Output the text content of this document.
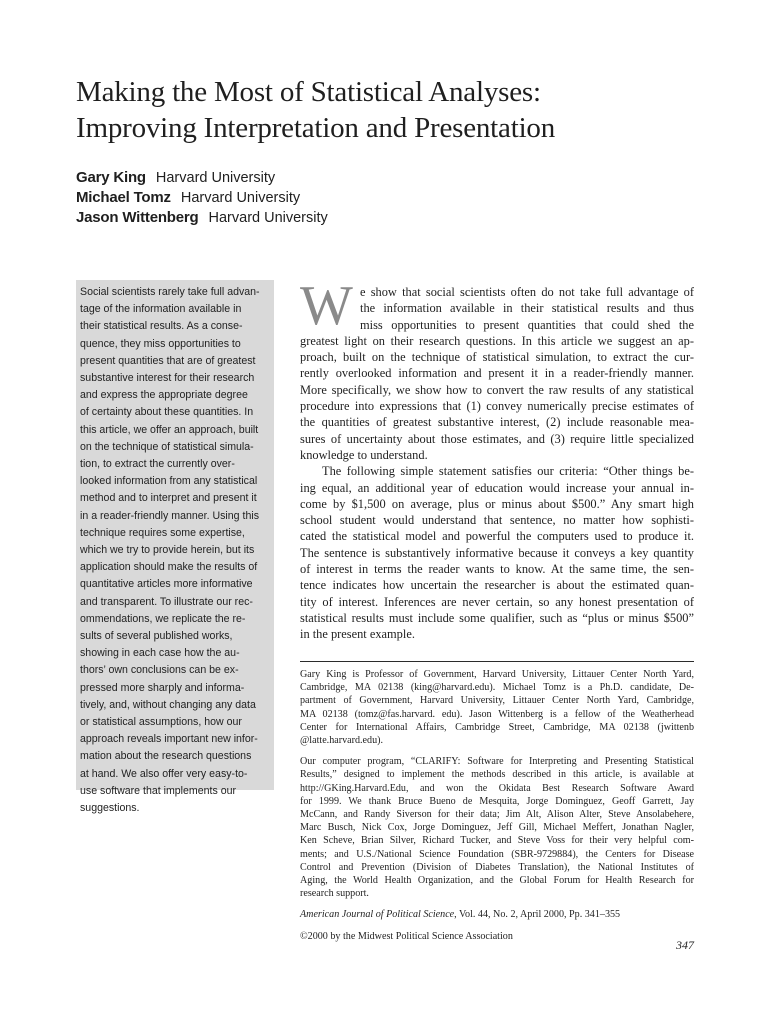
Making the Most of Statistical Analyses:
Improving Interpretation and Presentation
Gary King Harvard University
Michael Tomz Harvard University
Jason Wittenberg Harvard University

Social scientists rarely take full advan-
tage of the information available in
their statistical results. As a conse-
quence, they miss opportunities to
present quantities that are of greatest
substantive interest for their research
and express the appropriate degree
of certainty about these quantities. In
this article, we offer an approach, built
on the technique of statistical simula-
tion, to extract the currently over-
looked information from any statistical
method and to interpret and present it
in a reader-friendly manner. Using this
technique requires some expertise,
which we try to provide herein, but its
application should make the results of
quantitative articles more informative
and transparent. To illustrate our rec-
ommendations, we replicate the re-
sults of several published works,
showing in each case how the au-
thors’ own conclusions can be ex-
pressed more sharply and informa-
tively, and, without changing any data
or statistical assumptions, how our
approach reveals important new infor-
mation about the research questions
at hand. We also offer very easy-to-
use software that implements our
suggestions.

W e show that social scientists often do not take full advantage of
the information available in their statistical results and thus
miss opportunities to present quantities that could shed the
greatest light on their research questions. In this article we suggest an ap-
proach, built on the technique of statistical simulation, to extract the cur-
rently overlooked information and present it in a reader-friendly manner.
More specifically, we show how to convert the raw results of any statistical
procedure into expressions that (1) convey numerically precise estimates of
the quantities of greatest substantive interest, (2) include reasonable mea-
sures of uncertainty about those estimates, and (3) require little specialized
knowledge to understand.
The following simple statement satisfies our criteria: “Other things be-
ing equal, an additional year of education would increase your annual in-
come by $1,500 on average, plus or minus about $500.” Any smart high
school student would understand that sentence, no matter how sophisti-
cated the statistical model and powerful the computers used to produce it.
The sentence is substantively informative because it conveys a key quantity
of interest in terms the reader wants to know. At the same time, the sen-
tence indicates how uncertain the researcher is about the estimated quan-
tity of interest. Inferences are never certain, so any honest presentation of
statistical results must include some qualifier, such as “plus or minus $500”
in the present example.
Gary King is Professor of Government, Harvard University, Littauer Center North Yard,
Cambridge, MA 02138 (king@harvard.edu). Michael Tomz is a Ph.D. candidate, De-
partment of Government, Harvard University, Littauer Center North Yard, Cambridge,
MA 02138 (tomz@fas.harvard. edu). Jason Wittenberg is a fellow of the Weatherhead
Center for International Affairs, Cambridge Street, Cambridge, MA 02138 (jwittenb
@latte.harvard.edu).
Our computer program, “CLARIFY: Software for Interpreting and Presenting Statistical
Results,” designed to implement the methods described in this article, is available at
http://GKing.Harvard.Edu, and won the Okidata Best Research Software Award
for 1999. We thank Bruce Bueno de Mesquita, Jorge Dominguez, Geoff Garrett, Jay
McCann, and Randy Siverson for their data; Jim Alt, Alison Alter, Steve Ansolabehere,
Marc Busch, Nick Cox, Jorge Dominguez, Jeff Gill, Michael Meffert, Jonathan Nagler,
Ken Scheve, Brian Silver, Richard Tucker, and Steve Voss for their very helpful com-
ments; and U.S./National Science Foundation (SBR-9729884), the Centers for Disease
Control and Prevention (Division of Diabetes Translation), the National Institutes of
Aging, the World Health Organization, and the Global Forum for Health Research for
research support.
American Journal of Political Science, Vol. 44, No. 2, April 2000, Pp. 341–355
©2000 by the Midwest Political Science Association
347
